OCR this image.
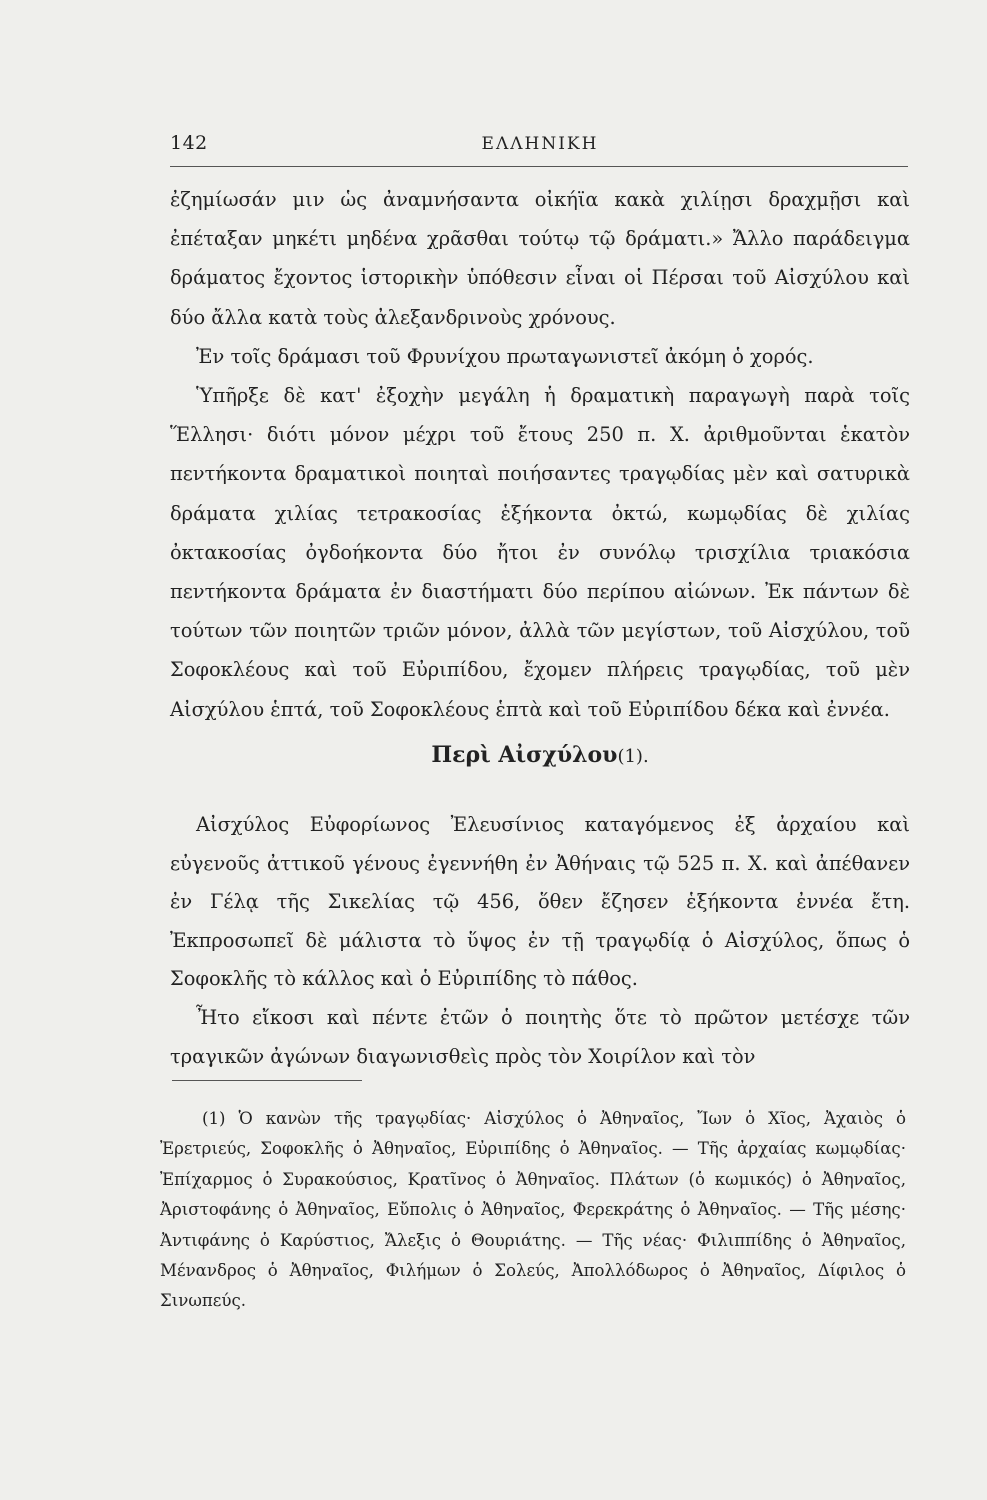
142	ΕΛΛΗΝΙΚΗ

ἐζημίωσάν μιν ὡς ἀναμνήσαντα οἰκήϊα κακὰ χιλίῃσι δραχμῇσι καὶ ἐπέταξαν μηκέτι μηδένα χρᾶσθαι τούτῳ τῷ δράματι.» Ἄλλο παράδειγμα δράματος ἔχοντος ἱστορικὴν ὑπόθεσιν εἶναι οἱ Πέρσαι τοῦ Αἰσχύλου καὶ δύο ἄλλα κατὰ τοὺς ἀλεξανδρινοὺς χρόνους.

Ἐν τοῖς δράμασι τοῦ Φρυνίχου πρωταγωνιστεῖ ἀκόμη ὁ χορός.

Ὑπῆρξε δὲ κατ' ἐξοχὴν μεγάλη ἡ δραματικὴ παραγωγὴ παρὰ τοῖς Ἕλλησι· διότι μόνον μέχρι τοῦ ἔτους 250 π. Χ. ἀριθμοῦνται ἑκατὸν πεντήκοντα δραματικοὶ ποιηταὶ ποιήσαντες τραγῳδίας μὲν καὶ σατυρικὰ δράματα χιλίας τετρακοσίας ἑξήκοντα ὀκτώ, κωμῳδίας δὲ χιλίας ὀκτακοσίας ὀγδοήκοντα δύο ἤτοι ἐν συνόλῳ τρισχίλια τριακόσια πεντήκοντα δράματα ἐν διαστήματι δύο περίπου αἰώνων. Ἐκ πάντων δὲ τούτων τῶν ποιητῶν τριῶν μόνον, ἀλλὰ τῶν μεγίστων, τοῦ Αἰσχύλου, τοῦ Σοφοκλέους καὶ τοῦ Εὐριπίδου, ἔχομεν πλήρεις τραγῳδίας, τοῦ μὲν Αἰσχύλου ἑπτά, τοῦ Σοφοκλέους ἑπτὰ καὶ τοῦ Εὐριπίδου δέκα καὶ ἐννέα.

Περὶ Αἰσχύλου(1).

Αἰσχύλος Εὐφορίωνος Ἐλευσίνιος καταγόμενος ἐξ ἀρχαίου καὶ εὐγενοῦς ἀττικοῦ γένους ἐγεννήθη ἐν Ἀθήναις τῷ 525 π. Χ. καὶ ἀπέθανεν ἐν Γέλᾳ τῆς Σικελίας τῷ 456, ὅθεν ἔζησεν ἑξήκοντα ἐννέα ἔτη. Ἐκπροσωπεῖ δὲ μάλιστα τὸ ὕψος ἐν τῇ τραγῳδίᾳ ὁ Αἰσχύλος, ὅπως ὁ Σοφοκλῆς τὸ κάλλος καὶ ὁ Εὐριπίδης τὸ πάθος.

Ἦτο εἴκοσι καὶ πέντε ἐτῶν ὁ ποιητὴς ὅτε τὸ πρῶτον μετέσχε τῶν τραγικῶν ἀγώνων διαγωνισθεὶς πρὸς τὸν Χοιρίλον καὶ τὸν

(1) Ὁ κανὼν τῆς τραγῳδίας· Αἰσχύλος ὁ Ἀθηναῖος, Ἴων ὁ Χῖος, Ἀχαιὸς ὁ Ἐρετριεύς, Σοφοκλῆς ὁ Ἀθηναῖος, Εὐριπίδης ὁ Ἀθηναῖος. — Τῆς ἀρχαίας κωμῳδίας· Ἐπίχαρμος ὁ Συρακούσιος, Κρατῖνος ὁ Ἀθηναῖος. Πλάτων (ὁ κωμικός) ὁ Ἀθηναῖος, Ἀριστοφάνης ὁ Ἀθηναῖος, Εὔπολις ὁ Ἀθηναῖος, Φερεκράτης ὁ Ἀθηναῖος. — Τῆς μέσης· Ἀντιφάνης ὁ Καρύστιος, Ἄλεξις ὁ Θουριάτης. — Τῆς νέας· Φιλιππίδης ὁ Ἀθηναῖος, Μένανδρος ὁ Ἀθηναῖος, Φιλήμων ὁ Σολεύς, Ἀπολλόδωρος ὁ Ἀθηναῖος, Δίφιλος ὁ Σινωπεύς.
